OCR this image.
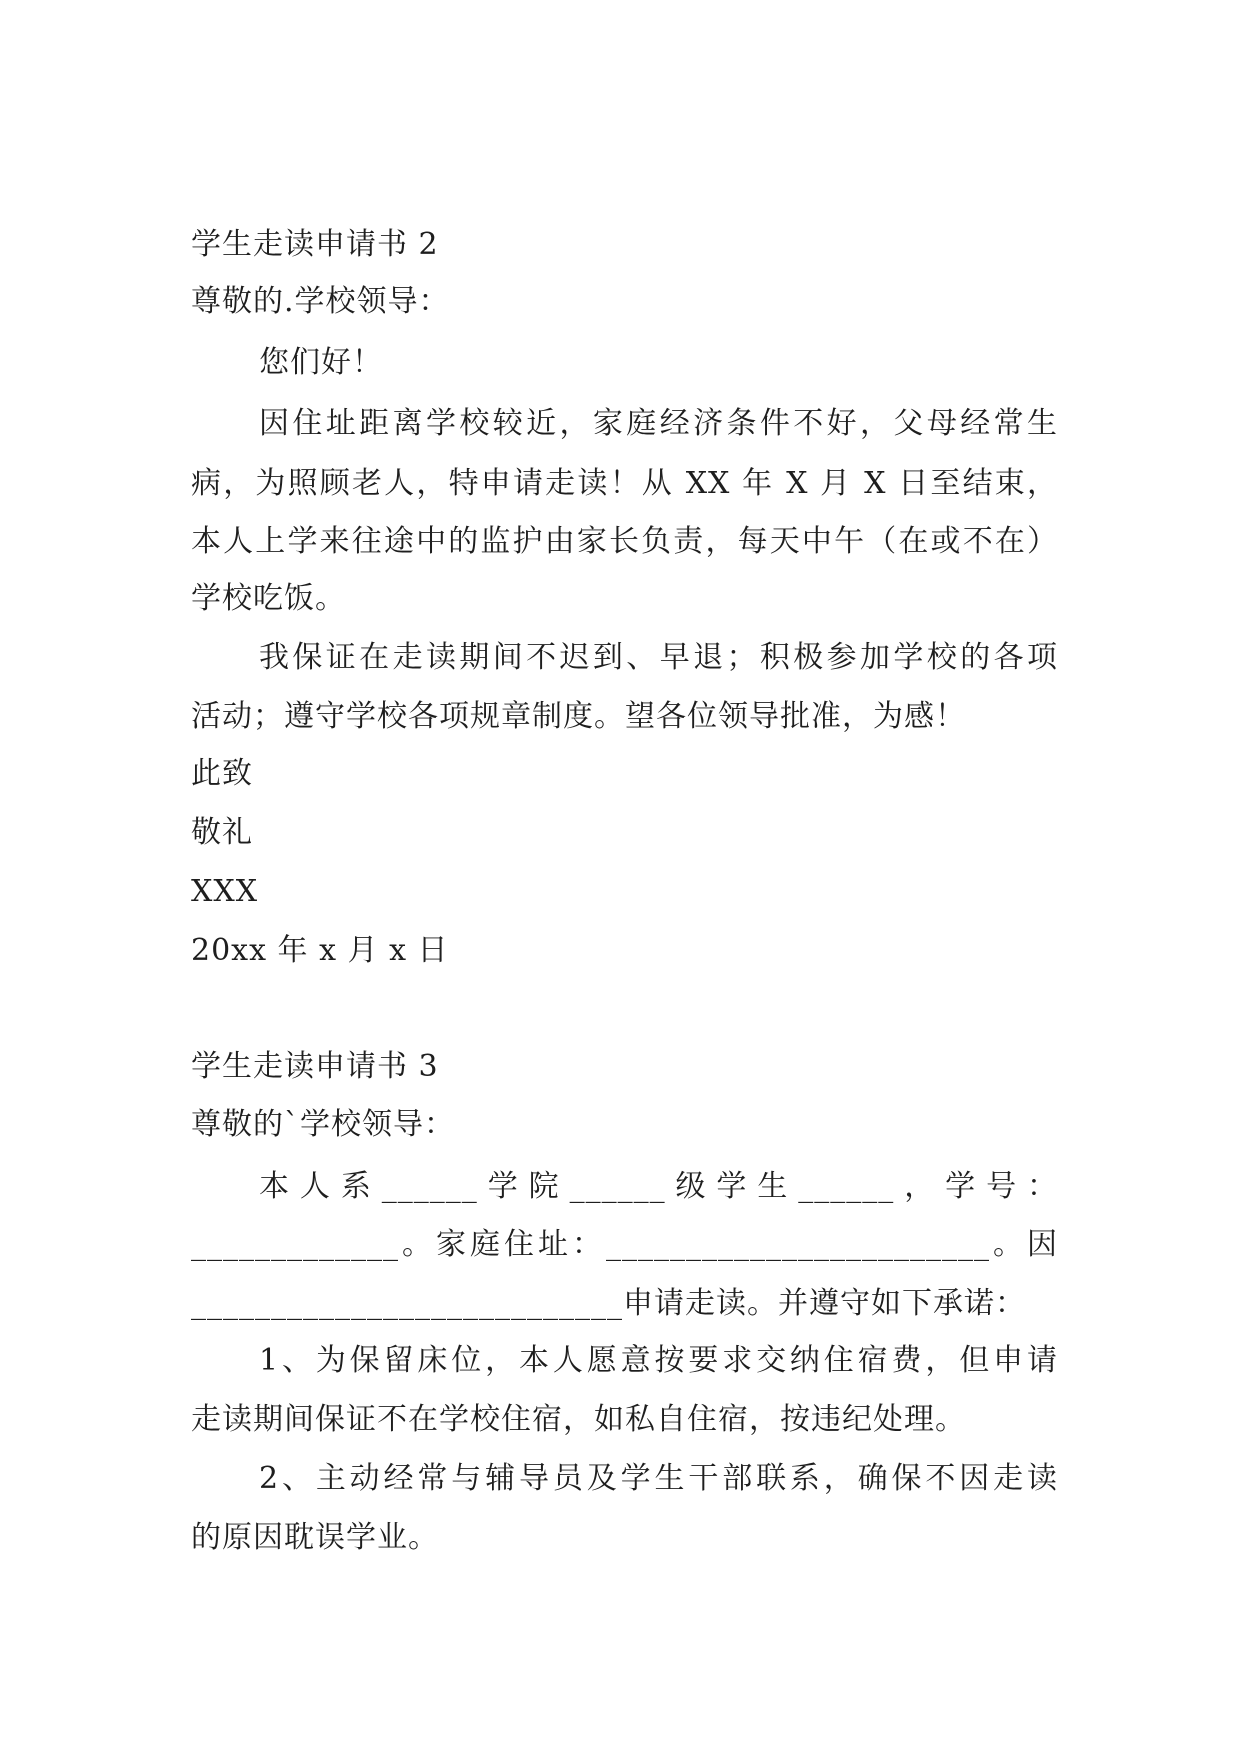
学生走读申请书 2
尊敬的.学校领导：
您们好！
因住址距离学校较近，家庭经济条件不好，父母经常生
病，为照顾老人，特申请走读！从 XX 年 X 月 X 日至结束，
本人上学来往途中的监护由家长负责，每天中午（在或不在）
学校吃饭。
我保证在走读期间不迟到、早退；积极参加学校的各项
活动；遵守学校各项规章制度。望各位领导批准，为感！
此致
敬礼
XXX
20xx 年 x 月 x 日
学生走读申请书 3
尊敬的`学校领导：
本人系______学院______级学生______，学号：
_____________。家庭住址：________________________。因
___________________________申请走读。并遵守如下承诺：
1、为保留床位，本人愿意按要求交纳住宿费，但申请
走读期间保证不在学校住宿，如私自住宿，按违纪处理。
2、主动经常与辅导员及学生干部联系，确保不因走读
的原因耽误学业。
